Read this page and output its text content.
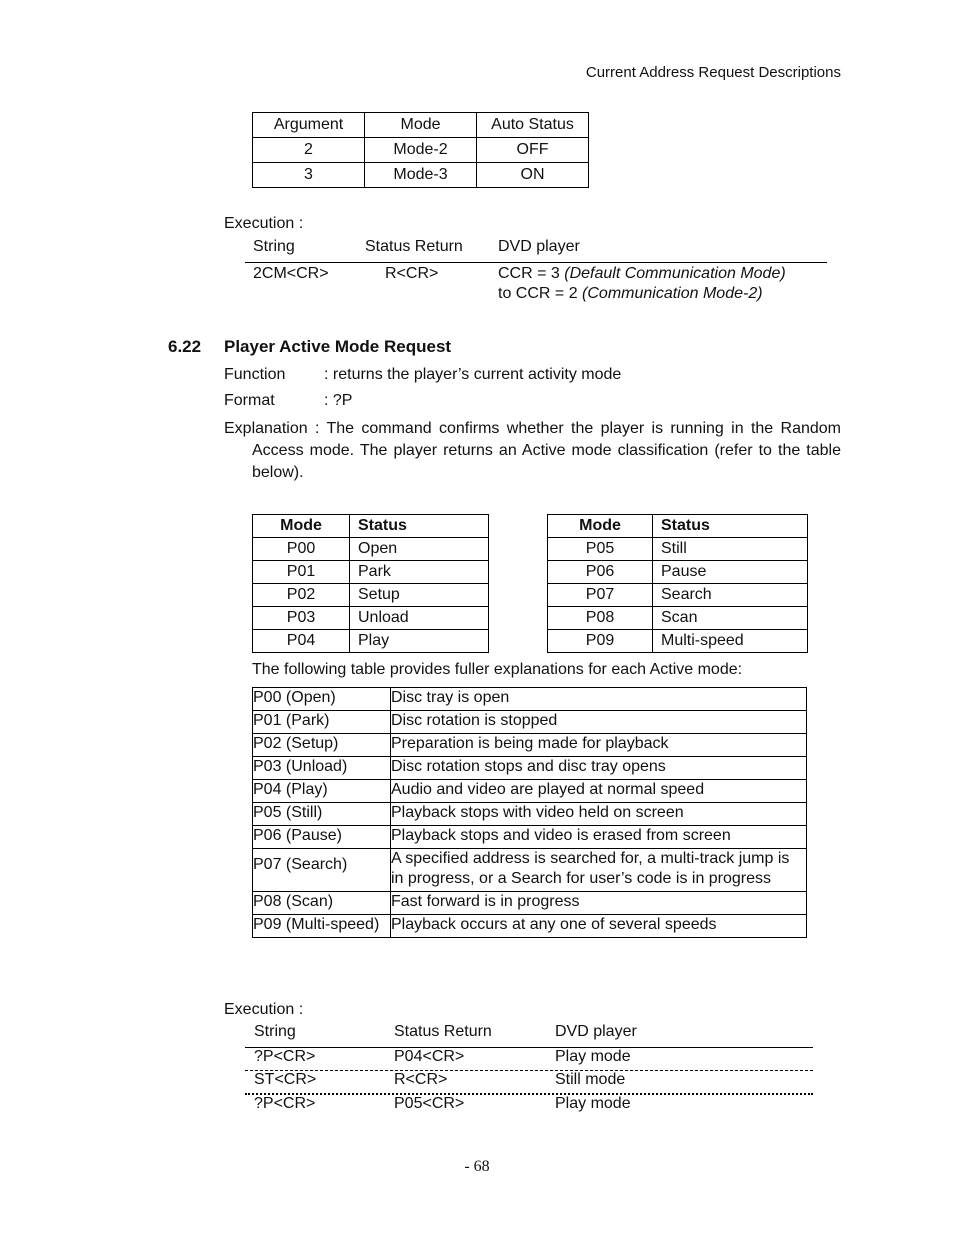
Current Address Request Descriptions
Argument	Mode	Auto Status
2	Mode-2	OFF
3	Mode-3	ON
Execution :
String	Status Return	DVD player
2CM<CR>	R<CR>	CCR = 3 (Default Communication Mode)
to CCR = 2 (Communication Mode-2)
6.22 Player Active Mode Request
Function : returns the player’s current activity mode
Format	: ?P
Explanation : The command confirms whether the player is running in the Random Access mode. The player returns an Active mode classification (refer to the table below).
Mode	Status
P00	Open
P01	Park
P02	Setup
P03	Unload
P04	Play
Mode	Status
P05	Still
P06	Pause
P07	Search
P08	Scan
P09	Multi-speed
The following table provides fuller explanations for each Active mode:
P00 (Open)	Disc tray is open
P01 (Park)	Disc rotation is stopped
P02 (Setup)	Preparation is being made for playback
P03 (Unload)	Disc rotation stops and disc tray opens
P04 (Play)	Audio and video are played at normal speed
P05 (Still)	Playback stops with video held on screen
P06 (Pause)	Playback stops and video is erased from screen
P07 (Search)	A specified address is searched for, a multi-track jump is in progress, or a Search for user’s code is in progress
P08 (Scan)	Fast forward is in progress
P09 (Multi-speed)	Playback occurs at any one of several speeds
Execution :
String	Status Return	DVD player
?P<CR>	P04<CR>	Play mode
ST<CR>	R<CR>	Still mode
?P<CR>	P05<CR>	Play mode
- 68
